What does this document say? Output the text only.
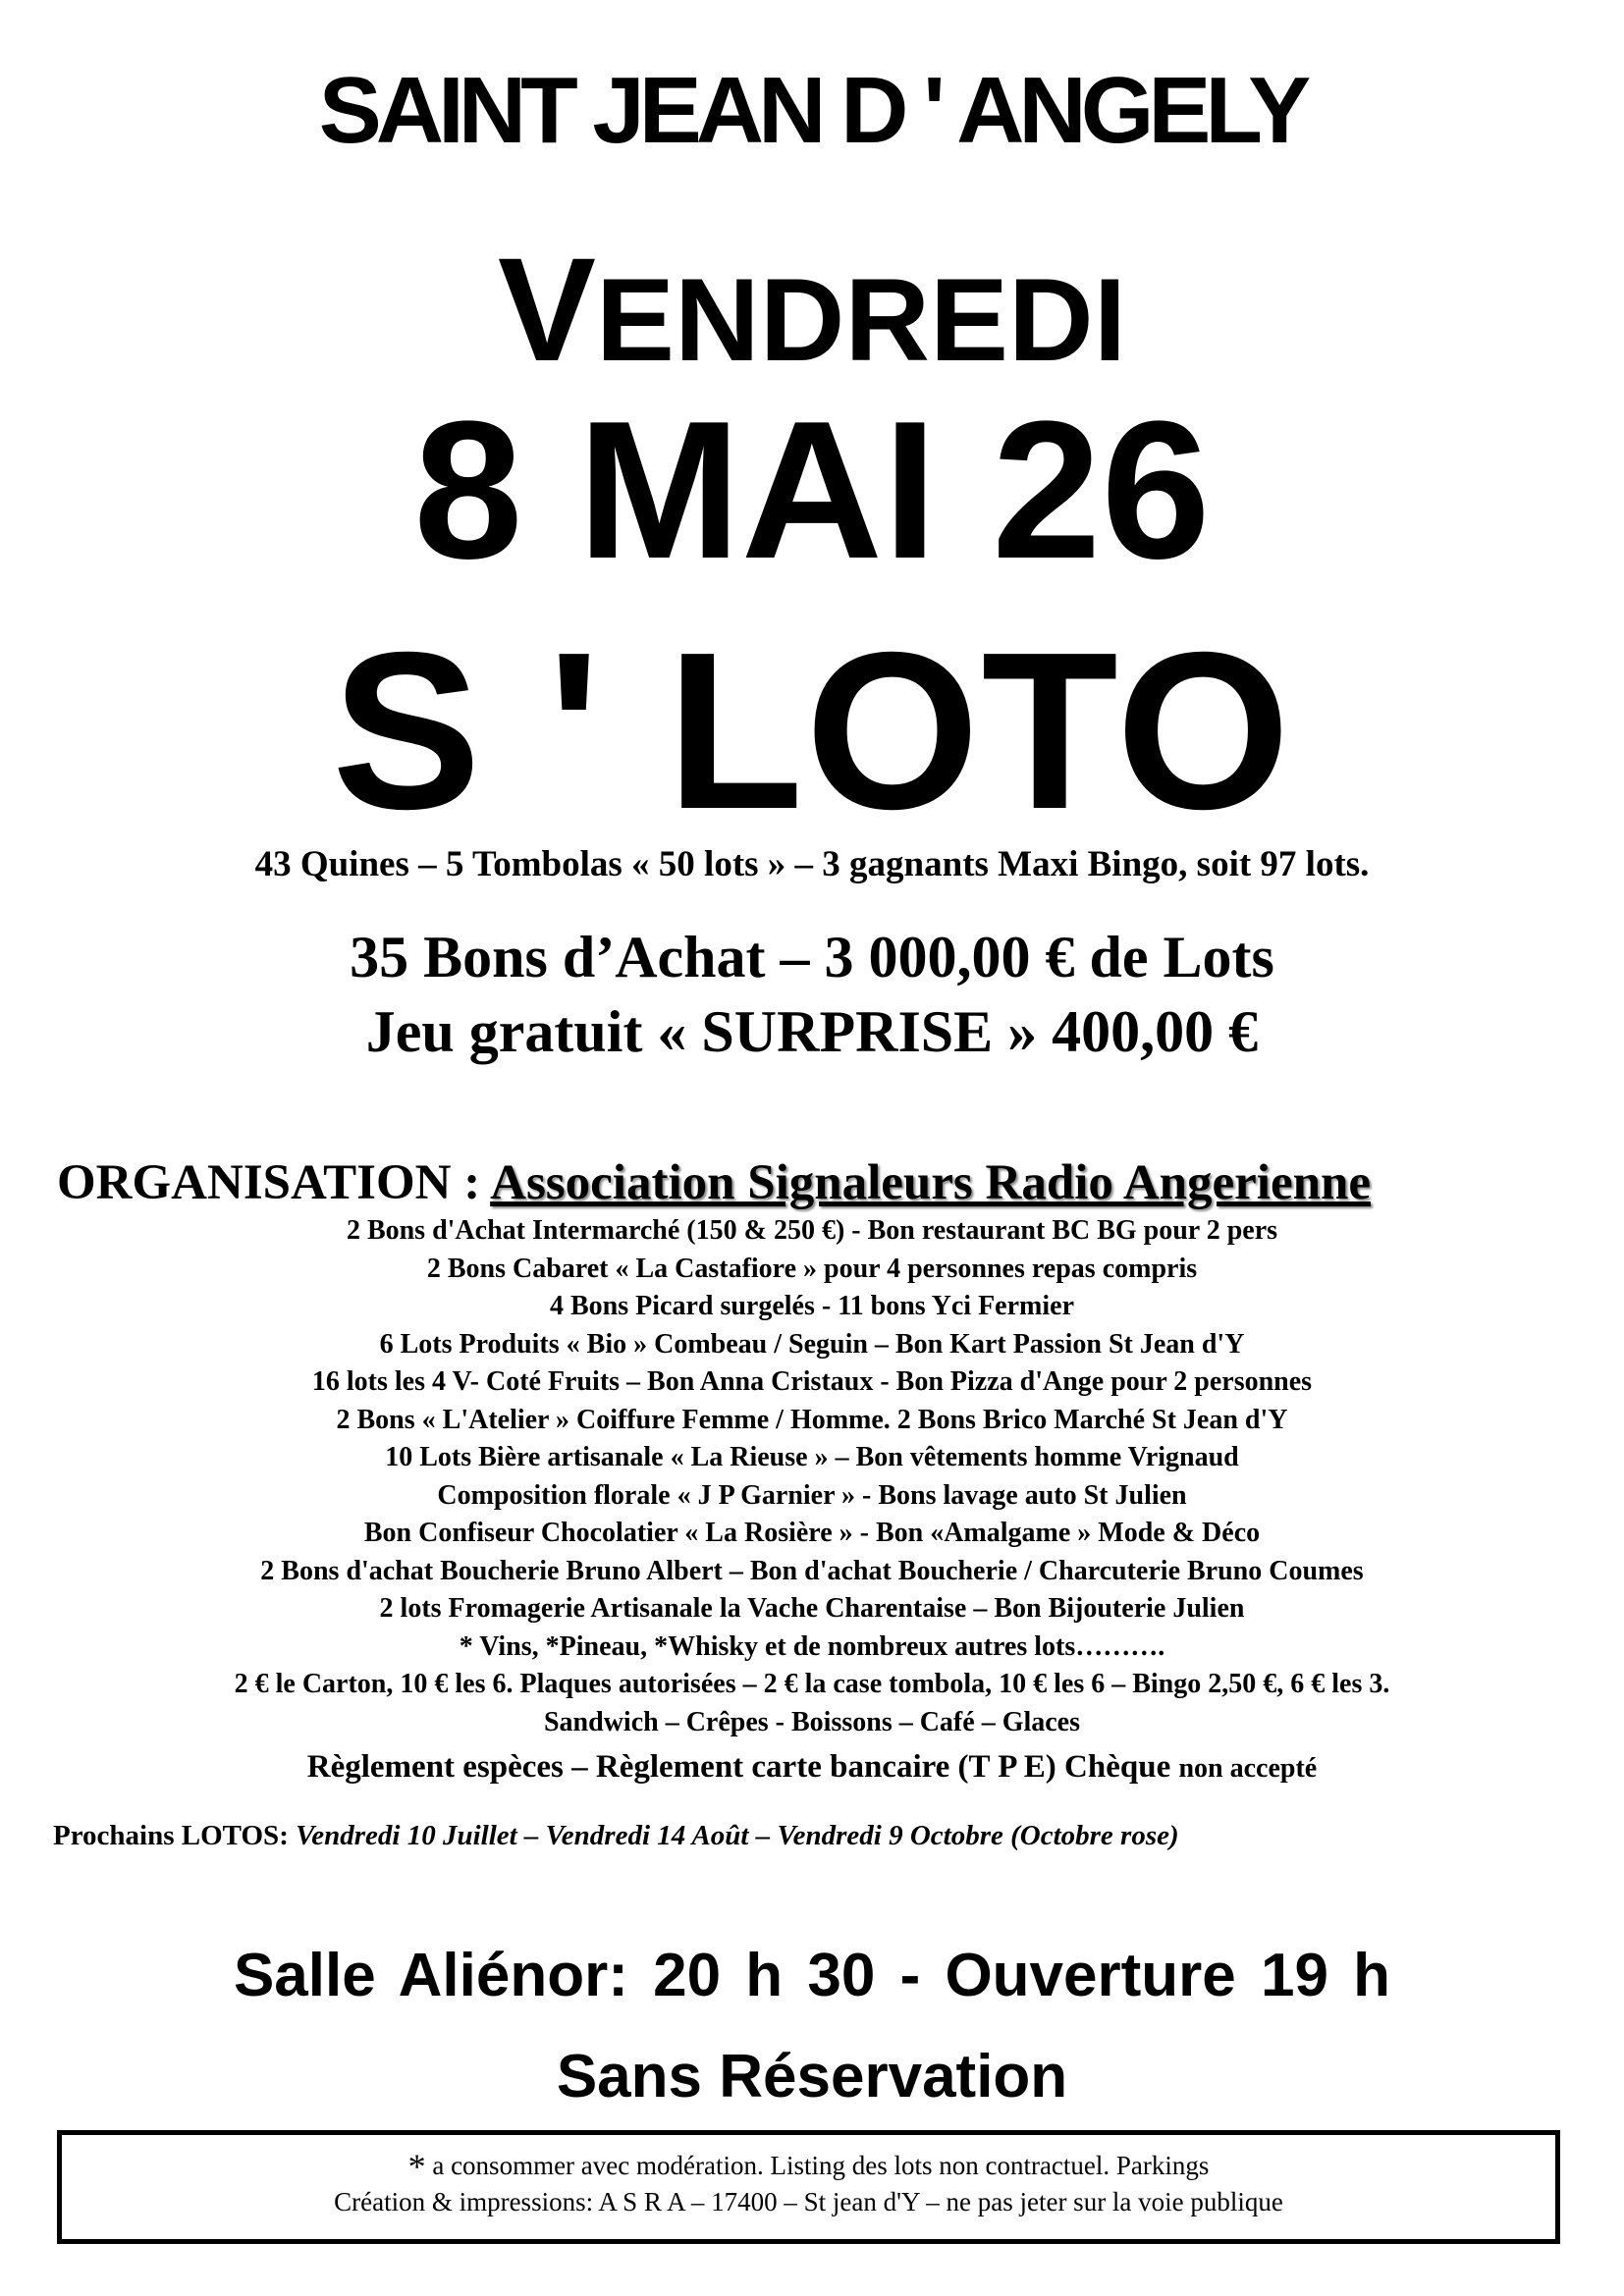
SAINT JEAN D ' ANGELY
VENDREDI
8 MAI 26
S ' LOTO
43 Quines – 5 Tombolas « 50 lots » – 3 gagnants Maxi Bingo, soit 97 lots.
35 Bons d’Achat – 3 000,00 € de Lots
Jeu gratuit « SURPRISE » 400,00 €
ORGANISATION : Association Signaleurs Radio Angerienne
2 Bons d'Achat Intermarché (150 & 250 €) - Bon restaurant BC BG pour 2 pers
2 Bons Cabaret « La Castafiore » pour 4 personnes repas compris
4 Bons Picard surgelés - 11 bons Yci Fermier
6 Lots Produits « Bio » Combeau / Seguin – Bon Kart Passion St Jean d'Y
16 lots les 4 V- Coté Fruits – Bon Anna Cristaux - Bon Pizza d'Ange pour 2 personnes
2 Bons « L'Atelier » Coiffure Femme / Homme. 2 Bons Brico Marché St Jean d'Y
10 Lots Bière artisanale « La Rieuse » – Bon vêtements homme Vrignaud
Composition florale « J P Garnier » - Bons lavage auto St Julien
Bon Confiseur Chocolatier « La Rosière » - Bon «Amalgame » Mode & Déco
2 Bons d'achat Boucherie Bruno Albert – Bon d'achat Boucherie / Charcuterie Bruno Coumes
2 lots Fromagerie Artisanale la Vache Charentaise – Bon Bijouterie Julien
* Vins, *Pineau, *Whisky et de nombreux autres lots……….
2 € le Carton, 10 € les 6. Plaques autorisées – 2 € la case tombola, 10 € les 6 – Bingo 2,50 €, 6 € les 3.
Sandwich – Crêpes - Boissons – Café – Glaces
Règlement espèces – Règlement carte bancaire (T P E) Chèque non accepté
Prochains LOTOS: Vendredi 10 Juillet – Vendredi 14 Août – Vendredi 9 Octobre (Octobre rose)
Salle Aliénor: 20 h 30 - Ouverture 19 h
Sans Réservation
* a consommer avec modération. Listing des lots non contractuel. Parkings
Création & impressions: A S R A – 17400 – St jean d'Y – ne pas jeter sur la voie publique
